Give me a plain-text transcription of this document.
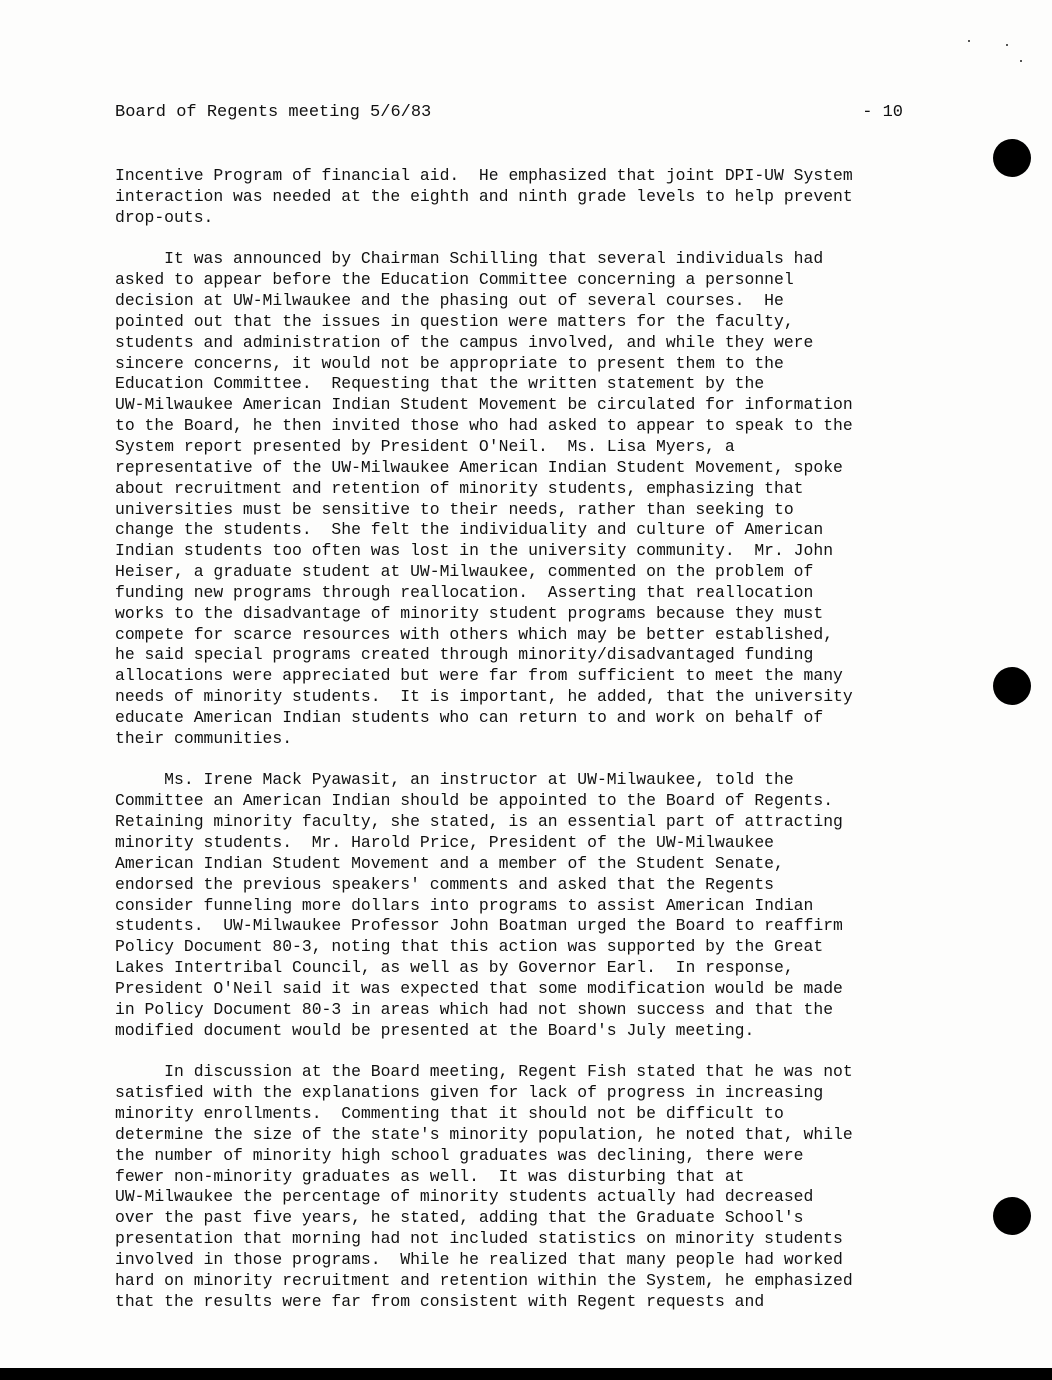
Board of Regents meeting 5/6/83	- 10
Incentive Program of financial aid.  He emphasized that joint DPI-UW System
interaction was needed at the eighth and ninth grade levels to help prevent
drop-outs.
It was announced by Chairman Schilling that several individuals had
asked to appear before the Education Committee concerning a personnel
decision at UW-Milwaukee and the phasing out of several courses.  He
pointed out that the issues in question were matters for the faculty,
students and administration of the campus involved, and while they were
sincere concerns, it would not be appropriate to present them to the
Education Committee.  Requesting that the written statement by the
UW-Milwaukee American Indian Student Movement be circulated for information
to the Board, he then invited those who had asked to appear to speak to the
System report presented by President O'Neil.  Ms. Lisa Myers, a
representative of the UW-Milwaukee American Indian Student Movement, spoke
about recruitment and retention of minority students, emphasizing that
universities must be sensitive to their needs, rather than seeking to
change the students.  She felt the individuality and culture of American
Indian students too often was lost in the university community.  Mr. John
Heiser, a graduate student at UW-Milwaukee, commented on the problem of
funding new programs through reallocation.  Asserting that reallocation
works to the disadvantage of minority student programs because they must
compete for scarce resources with others which may be better established,
he said special programs created through minority/disadvantaged funding
allocations were appreciated but were far from sufficient to meet the many
needs of minority students.  It is important, he added, that the university
educate American Indian students who can return to and work on behalf of
their communities.
Ms. Irene Mack Pyawasit, an instructor at UW-Milwaukee, told the
Committee an American Indian should be appointed to the Board of Regents.
Retaining minority faculty, she stated, is an essential part of attracting
minority students.  Mr. Harold Price, President of the UW-Milwaukee
American Indian Student Movement and a member of the Student Senate,
endorsed the previous speakers' comments and asked that the Regents
consider funneling more dollars into programs to assist American Indian
students.  UW-Milwaukee Professor John Boatman urged the Board to reaffirm
Policy Document 80-3, noting that this action was supported by the Great
Lakes Intertribal Council, as well as by Governor Earl.  In response,
President O'Neil said it was expected that some modification would be made
in Policy Document 80-3 in areas which had not shown success and that the
modified document would be presented at the Board's July meeting.
In discussion at the Board meeting, Regent Fish stated that he was not
satisfied with the explanations given for lack of progress in increasing
minority enrollments.  Commenting that it should not be difficult to
determine the size of the state's minority population, he noted that, while
the number of minority high school graduates was declining, there were
fewer non-minority graduates as well.  It was disturbing that at
UW-Milwaukee the percentage of minority students actually had decreased
over the past five years, he stated, adding that the Graduate School's
presentation that morning had not included statistics on minority students
involved in those programs.  While he realized that many people had worked
hard on minority recruitment and retention within the System, he emphasized
that the results were far from consistent with Regent requests and
